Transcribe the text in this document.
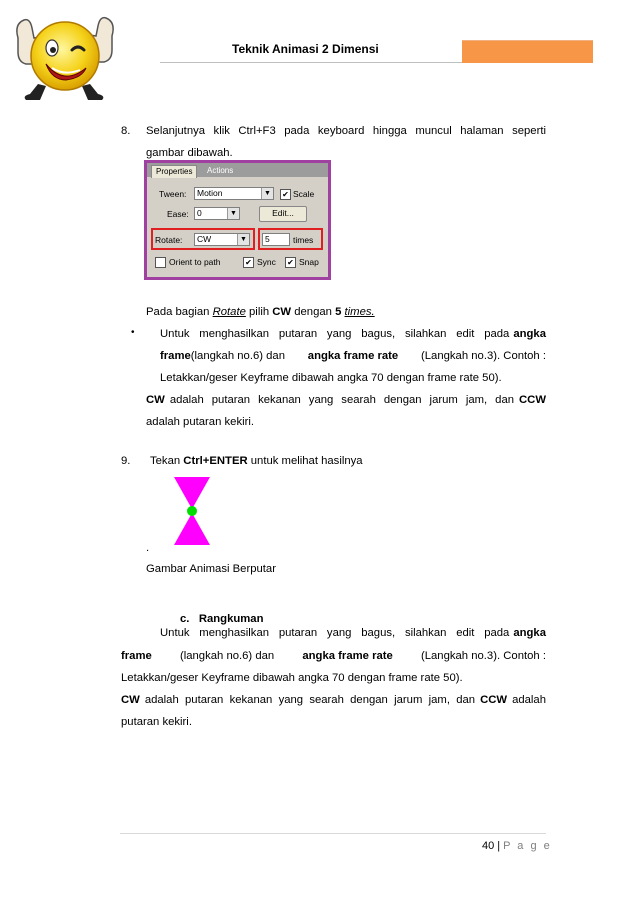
Teknik Animasi 2 Dimensi
8. Selanjutnya klik Ctrl+F3 pada keyboard hingga muncul halaman seperti
gambar dibawah.
Properties	Actions
Tween:	Motion	▼ ✔ Scale
Ease: 0	▼	Edit...
Rotate:	CW	▼	5	times
Orient to path	✔ Sync ✔ Snap
Pada bagian Rotate pilih CW dengan 5 times.
• Untuk menghasilkan putaran yang bagus, silahkan edit pada angka
frame(langkah no.6) dan angka frame rate (Langkah no.3). Contoh :
Letakkan/geser Keyframe dibawah angka 70 dengan frame rate 50).
CW adalah putaran kekanan yang searah dengan jarum jam, dan CCW
adalah putaran kekiri.
9. Tekan Ctrl+ENTER untuk melihat hasilnya
.
Gambar Animasi Berputar
c.   Rangkuman
Untuk menghasilkan putaran yang bagus, silahkan edit pada angka
frame (langkah no.6) dan angka frame rate (Langkah no.3). Contoh :
Letakkan/geser Keyframe dibawah angka 70 dengan frame rate 50).
CW adalah putaran kekanan yang searah dengan jarum jam, dan CCW adalah
putaran kekiri.
40 | P a g e
